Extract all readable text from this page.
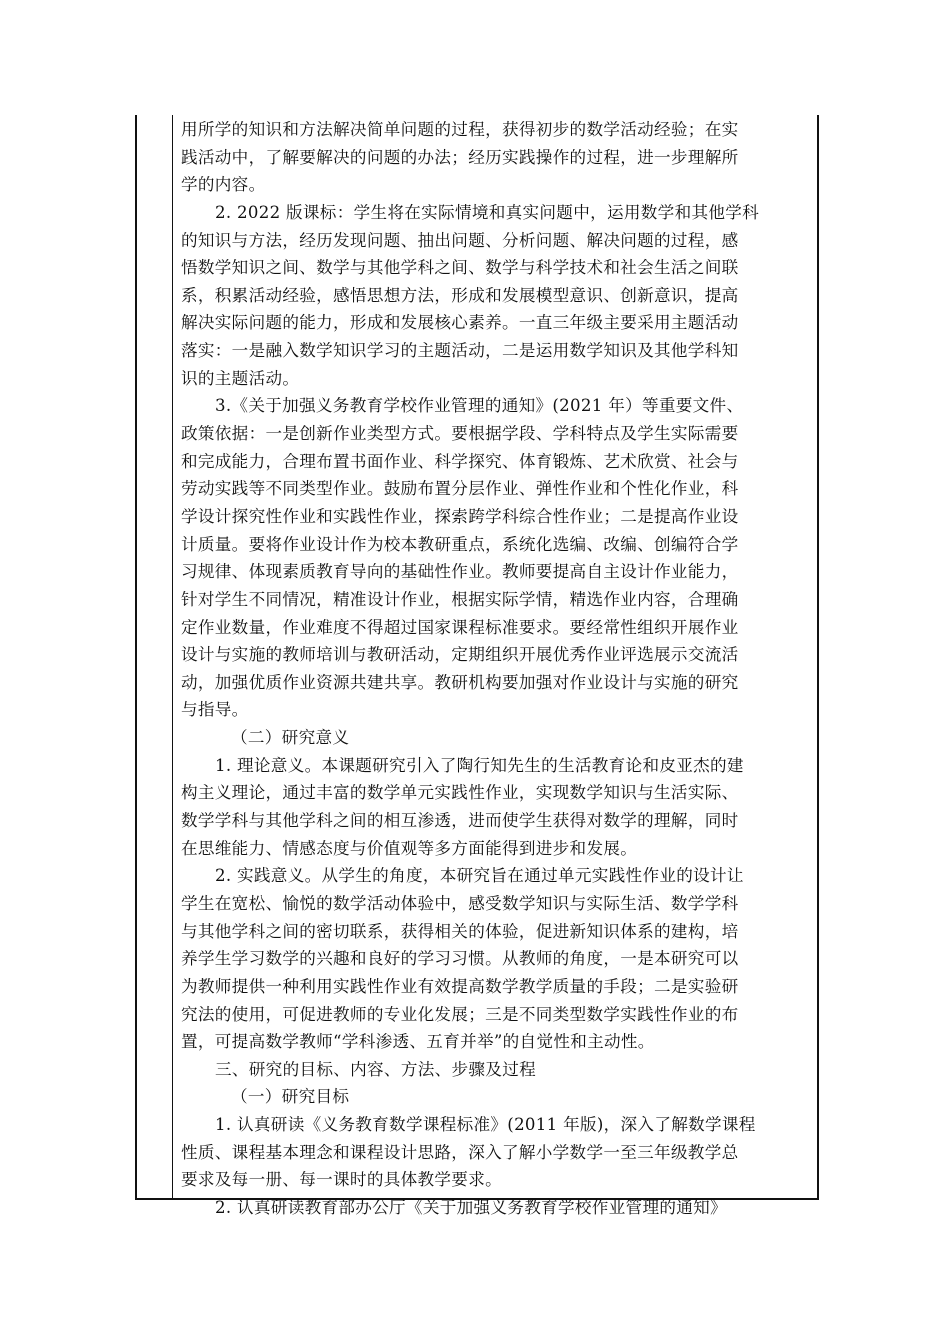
用所学的知识和方法解决简单问题的过程，获得初步的数学活动经验；在实
践活动中，了解要解决的问题的办法；经历实践操作的过程，进一步理解所
学的内容。
2. 2022 版课标：学生将在实际情境和真实问题中，运用数学和其他学科
的知识与方法，经历发现问题、抽出问题、分析问题、解决问题的过程，感
悟数学知识之间、数学与其他学科之间、数学与科学技术和社会生活之间联
系，积累活动经验，感悟思想方法，形成和发展模型意识、创新意识，提高
解决实际问题的能力，形成和发展核心素养。一直三年级主要采用主题活动
落实：一是融入数学知识学习的主题活动，二是运用数学知识及其他学科知
识的主题活动。
3.《关于加强义务教育学校作业管理的通知》(2021 年）等重要文件、
政策依据：一是创新作业类型方式。要根据学段、学科特点及学生实际需要
和完成能力，合理布置书面作业、科学探究、体育锻炼、艺术欣赏、社会与
劳动实践等不同类型作业。鼓励布置分层作业、弹性作业和个性化作业，科
学设计探究性作业和实践性作业，探索跨学科综合性作业；二是提高作业设
计质量。要将作业设计作为校本教研重点，系统化选编、改编、创编符合学
习规律、体现素质教育导向的基础性作业。教师要提高自主设计作业能力，
针对学生不同情况，精准设计作业，根据实际学情，精选作业内容，合理确
定作业数量，作业难度不得超过国家课程标准要求。要经常性组织开展作业
设计与实施的教师培训与教研活动，定期组织开展优秀作业评选展示交流活
动，加强优质作业资源共建共享。教研机构要加强对作业设计与实施的研究
与指导。
（二）研究意义
1. 理论意义。本课题研究引入了陶行知先生的生活教育论和皮亚杰的建
构主义理论，通过丰富的数学单元实践性作业，实现数学知识与生活实际、
数学学科与其他学科之间的相互渗透，进而使学生获得对数学的理解，同时
在思维能力、情感态度与价值观等多方面能得到进步和发展。
2. 实践意义。从学生的角度，本研究旨在通过单元实践性作业的设计让
学生在宽松、愉悦的数学活动体验中，感受数学知识与实际生活、数学学科
与其他学科之间的密切联系，获得相关的体验，促进新知识体系的建构，培
养学生学习数学的兴趣和良好的学习习惯。从教师的角度，一是本研究可以
为教师提供一种利用实践性作业有效提高数学教学质量的手段；二是实验研
究法的使用，可促进教师的专业化发展；三是不同类型数学实践性作业的布
置，可提高数学教师“学科渗透、五育并举”的自觉性和主动性。
三、研究的目标、内容、方法、步骤及过程
（一）研究目标
1. 认真研读《义务教育数学课程标准》(2011 年版)，深入了解数学课程
性质、课程基本理念和课程设计思路，深入了解小学数学一至三年级教学总
要求及每一册、每一课时的具体教学要求。
2. 认真研读教育部办公厅《关于加强义务教育学校作业管理的通知》
